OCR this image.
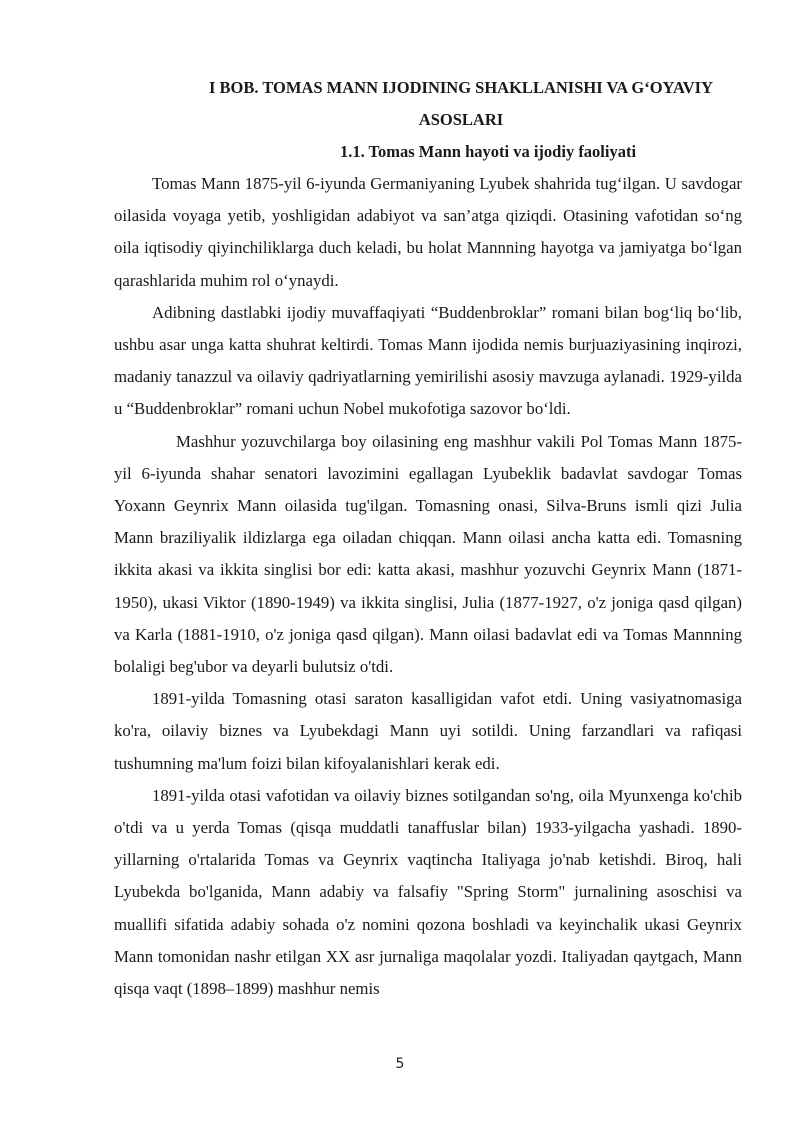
I BOB. TOMAS MANN IJODINING SHAKLLANISHI VA G‘OYAVIY
ASOSLARI
1.1. Tomas Mann hayoti va ijodiy faoliyati

Tomas Mann 1875-yil 6-iyunda Germaniyaning Lyubek shahrida tug‘ilgan. U savdogar oilasida voyaga yetib, yoshligidan adabiyot va san’atga qiziqdi. Otasining vafotidan so‘ng oila iqtisodiy qiyinchiliklarga duch keladi, bu holat Mannning hayotga va jamiyatga bo‘lgan qarashlarida muhim rol o‘ynaydi.

Adibning dastlabki ijodiy muvaffaqiyati “Buddenbroklar” romani bilan bog‘liq bo‘lib, ushbu asar unga katta shuhrat keltirdi. Tomas Mann ijodida nemis burjuaziyasining inqirozi, madaniy tanazzul va oilaviy qadriyatlarning yemirilishi asosiy mavzuga aylanadi. 1929-yilda u “Buddenbroklar” romani uchun Nobel mukofotiga sazovor bo‘ldi.

Mashhur yozuvchilarga boy oilasining eng mashhur vakili Pol Tomas Mann 1875-yil 6-iyunda shahar senatori lavozimini egallagan Lyubeklik badavlat savdogar Tomas Yoxann Geynrix Mann oilasida tug'ilgan. Tomasning onasi, Silva-Bruns ismli qizi Julia Mann braziliyalik ildizlarga ega oiladan chiqqan. Mann oilasi ancha katta edi. Tomasning ikkita akasi va ikkita singlisi bor edi: katta akasi, mashhur yozuvchi Geynrix Mann (1871-1950), ukasi Viktor (1890-1949) va ikkita singlisi, Julia (1877-1927, o'z joniga qasd qilgan) va Karla (1881-1910, o'z joniga qasd qilgan). Mann oilasi badavlat edi va Tomas Mannning bolaligi beg'ubor va deyarli bulutsiz o'tdi.

1891-yilda Tomasning otasi saraton kasalligidan vafot etdi. Uning vasiyatnomasiga ko'ra, oilaviy biznes va Lyubekdagi Mann uyi sotildi. Uning farzandlari va rafiqasi tushumning ma'lum foizi bilan kifoyalanishlari kerak edi.

1891-yilda otasi vafotidan va oilaviy biznes sotilgandan so'ng, oila Myunxenga ko'chib o'tdi va u yerda Tomas (qisqa muddatli tanaffuslar bilan) 1933-yilgacha yashadi. 1890-yillarning o'rtalarida Tomas va Geynrix vaqtincha Italiyaga jo'nab ketishdi. Biroq, hali Lyubekda bo'lganida, Mann adabiy va falsafiy "Spring Storm" jurnalining asoschisi va muallifi sifatida adabiy sohada o'z nomini qozona boshladi va keyinchalik ukasi Geynrix Mann tomonidan nashr etilgan XX asr jurnaliga maqolalar yozdi. Italiyadan qaytgach, Mann qisqa vaqt (1898–1899) mashhur nemis

5
